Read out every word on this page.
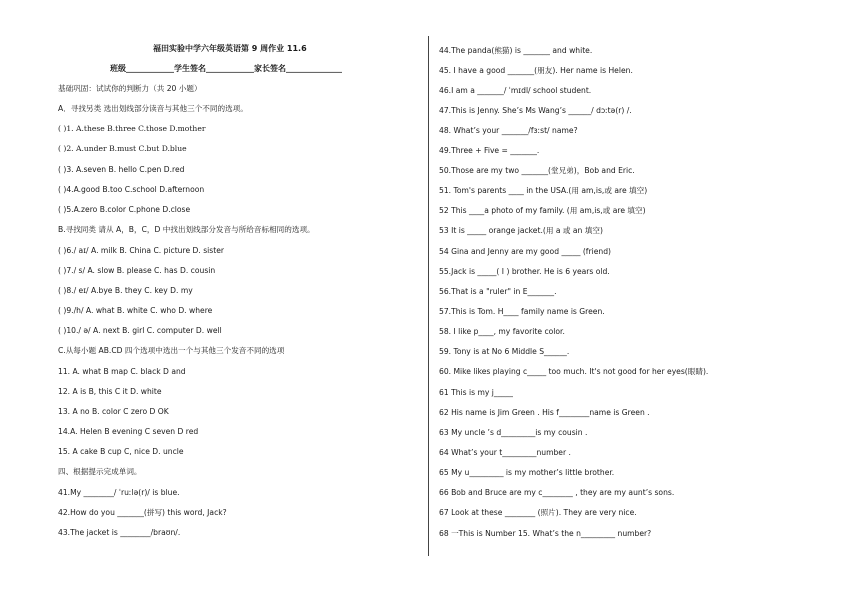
福田实验中学六年级英语第 9 周作业 11.6
班级____________学生签名____________家长签名______________
基础巩固：试试你的判断力（共 20 小题）
A．寻找另类 选出划线部分读音与其他三个不同的选项。
( )1. A.these B.three C.those D.mother
( )2. A.under B.must C.but D.blue
( )3. A.seven B. hello C.pen D.red
( )4.A.good B.too C.school D.afternoon
( )5.A.zero B.color C.phone D.close
B.寻找同类 请从 A，B，C，D 中找出划线部分发音与所给音标相同的选项。
( )6./ aɪ/ A. milk B. China C. picture D. sister
( )7./ s/ A. slow B. please C. has D. cousin
( )8./ eɪ/ A.bye B. they C. key D. my
( )9./h/ A. what B. white C. who D. where
( )10./ ə/ A. next B. girl C. computer D. well
C.从每小题 AB.CD 四个选项中选出一个与其他三个发音不同的选项
11. A. what B map C. black D and
12. A is B, this C it D. white
13. A no B. color C zero D OK
14.A. Helen B evening C seven D red
15. A cake B cup C, nice D. uncle
四、根据提示完成单词。
41.My ________/ ˈruːlə(r)/ is blue.
42.How do you _______(拼写) this word, Jack?
43.The jacket is ________/braʊn/.
44.The panda(熊猫) is _______ and white.
45. I have a good _______(朋友). Her name is Helen.
46.I am a _______/ ˈmɪdl/ school student.
47.This is Jenny. She’s Ms Wang’s ______/ dɔːtə(r) /.
48. What’s your _______/fɜːst/ name?
49.Three + Five = _______.
50.Those are my two _______(堂兄弟)，Bob and Eric.
51. Tom's parents ____ in the USA.(用 am,is,或 are 填空)
52 This ____a photo of my family. (用 am,is,或 are 填空)
53 It is _____ orange jacket.(用 a 或 an 填空)
54 Gina and Jenny are my good _____ (friend)
55.Jack is _____( I ) brother. He is 6 years old.
56.That is a "ruler" in E_______.
57.This is Tom. H____ family name is Green.
58. I like p____, my favorite color.
59. Tony is at No 6 Middle S______.
60. Mike likes playing c_____ too much. It's not good for her eyes(眼睛).
61 This is my j_____
62 His name is Jim Green . His f________name is Green .
63 My uncle ’s d_________is my cousin .
64 What’s your t_________number .
65 My u_________ is my mother’s little brother.
66 Bob and Bruce are my c________ , they are my aunt’s sons.
67 Look at these ________ (照片). They are very nice.
68 一This is Number 15. What’s the n_________ number?
